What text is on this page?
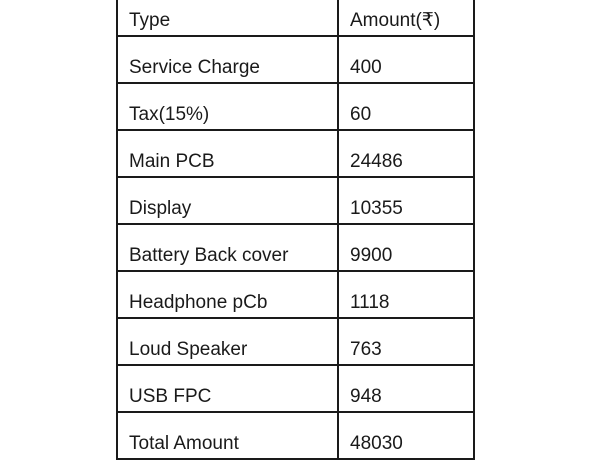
Type	Amount(₹)
Service Charge	400
Tax(15%)	60
Main PCB	24486
Display	10355
Battery Back cover	9900
Headphone pCb	1118
Loud Speaker	763
USB FPC	948
Total Amount	48030
